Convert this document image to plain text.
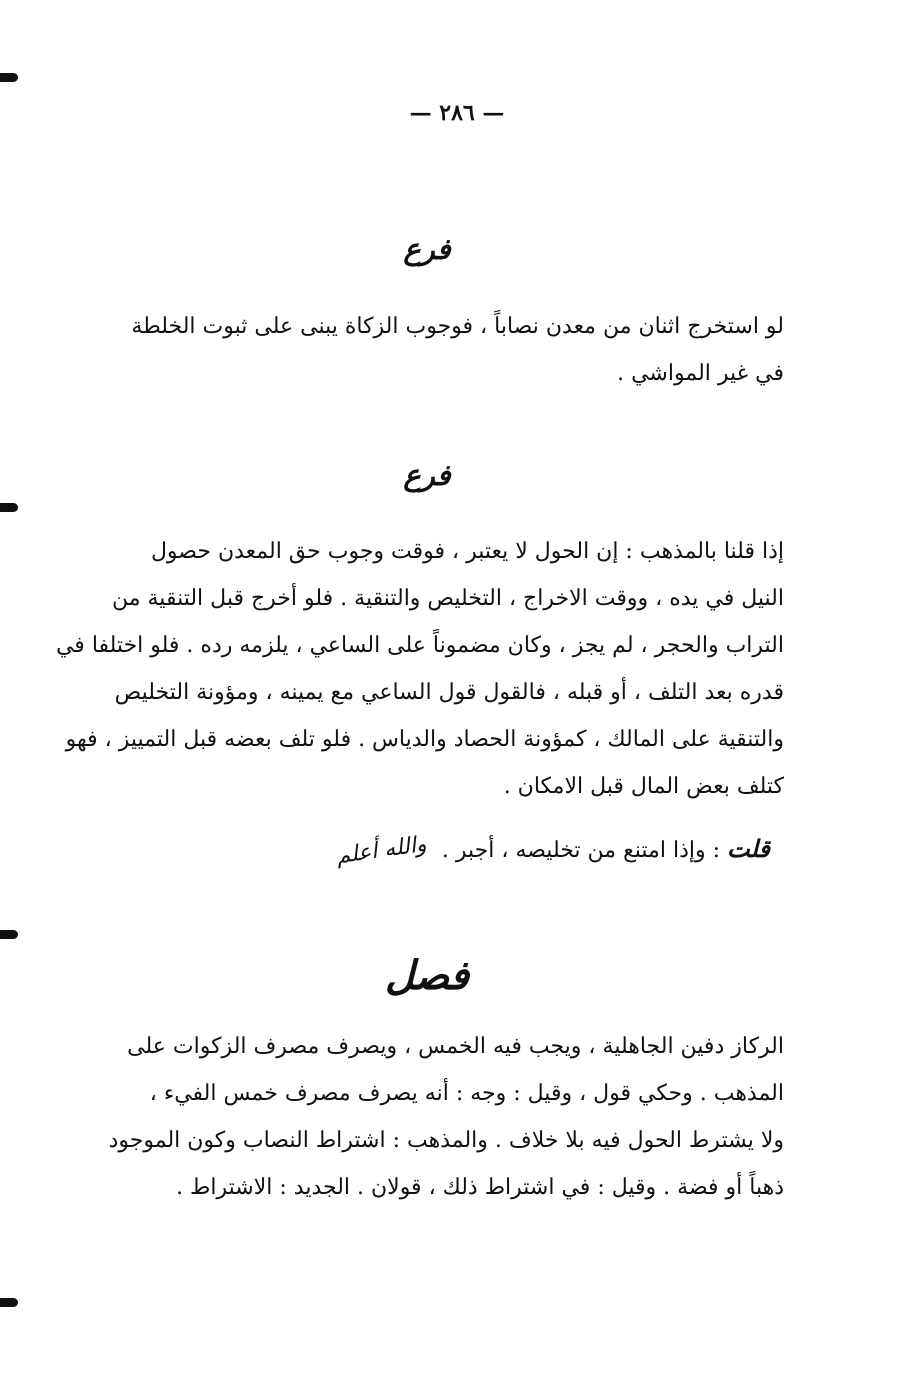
— ٢٨٦ —
فرع
لو استخرج اثنان من معدن نصاباً ، فوجوب الزكاة يبنى على ثبوت الخلطة
في غير المواشي .
فرع
إذا قلنا بالمذهب : إن الحول لا يعتبر ، فوقت وجوب حق المعدن حصول
النيل في يده ، ووقت الاخراج ، التخليص والتنقية . فلو أخرج قبل التنقية من
التراب والحجر ، لم يجز ، وكان مضموناً على الساعي ، يلزمه رده . فلو اختلفا في
قدره بعد التلف ، أو قبله ، فالقول قول الساعي مع يمينه ، ومؤونة التخليص
والتنقية على المالك ، كمؤونة الحصاد والدياس . فلو تلف بعضه قبل التمييز ، فهو
كتلف بعض المال قبل الامكان .
قلت : وإذا امتنع من تخليصه ، أجبر . والله أعلم
فصل
الركاز دفين الجاهلية ، ويجب فيه الخمس ، ويصرف مصرف الزكوات على
المذهب . وحكي قول ، وقيل : وجه : أنه يصرف مصرف خمس الفيء ،
ولا يشترط الحول فيه بلا خلاف . والمذهب : اشتراط النصاب وكون الموجود
ذهباً أو فضة . وقيل : في اشتراط ذلك ، قولان . الجديد : الاشتراط .
